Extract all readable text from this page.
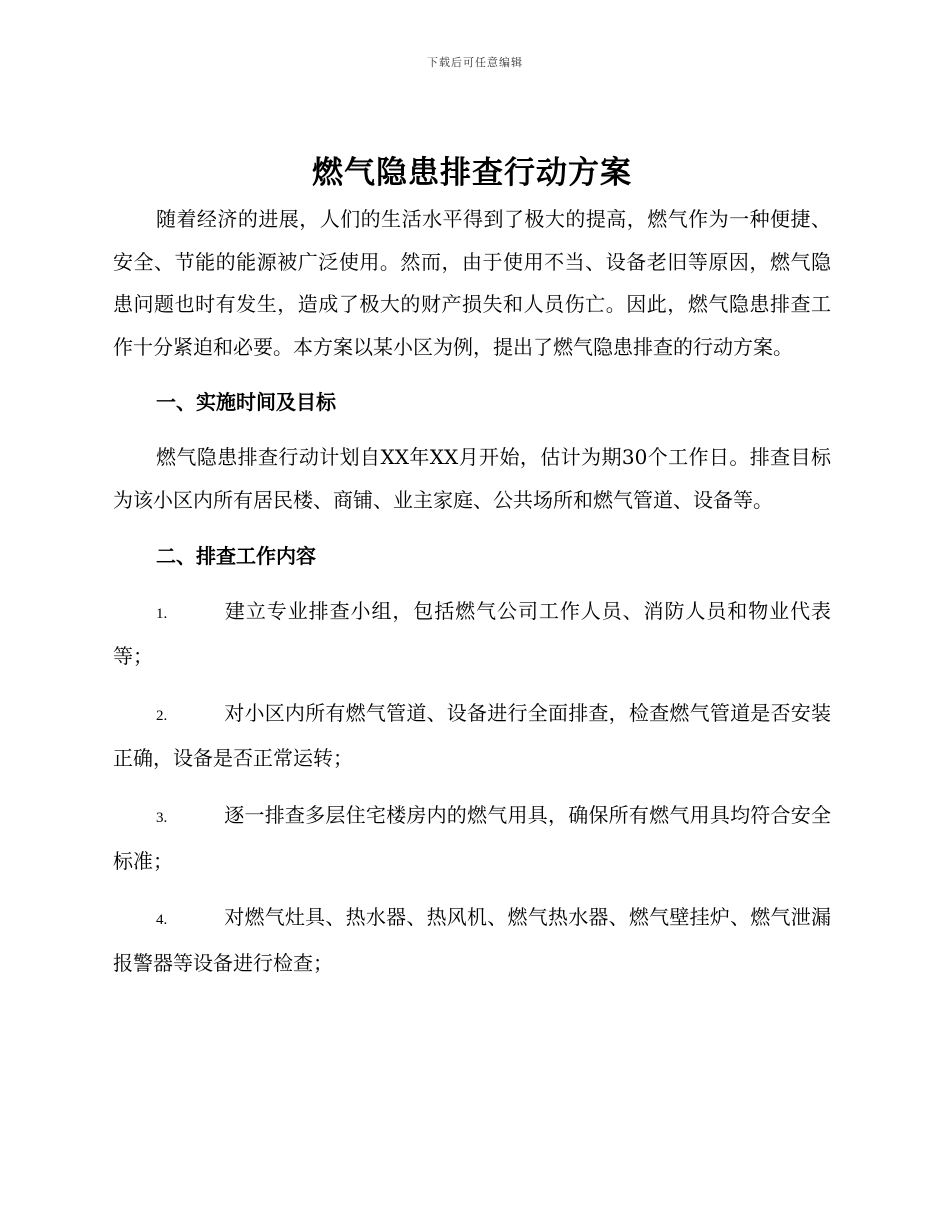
下载后可任意编辑
燃气隐患排查行动方案

随着经济的进展，人们的生活水平得到了极大的提高，燃气作为一种便捷、安全、节能的能源被广泛使用。然而，由于使用不当、设备老旧等原因，燃气隐患问题也时有发生，造成了极大的财产损失和人员伤亡。因此，燃气隐患排查工作十分紧迫和必要。本方案以某小区为例，提出了燃气隐患排查的行动方案。

一、实施时间及目标

燃气隐患排查行动计划自XX年XX月开始，估计为期30个工作日。排查目标为该小区内所有居民楼、商铺、业主家庭、公共场所和燃气管道、设备等。

二、排查工作内容
1.	建立专业排查小组，包括燃气公司工作人员、消防人员和物业代表等；
2.	对小区内所有燃气管道、设备进行全面排查，检查燃气管道是否安装正确，设备是否正常运转；
3.	逐一排查多层住宅楼房内的燃气用具，确保所有燃气用具均符合安全标准；
4.	对燃气灶具、热水器、热风机、燃气热水器、燃气壁挂炉、燃气泄漏报警器等设备进行检查；
